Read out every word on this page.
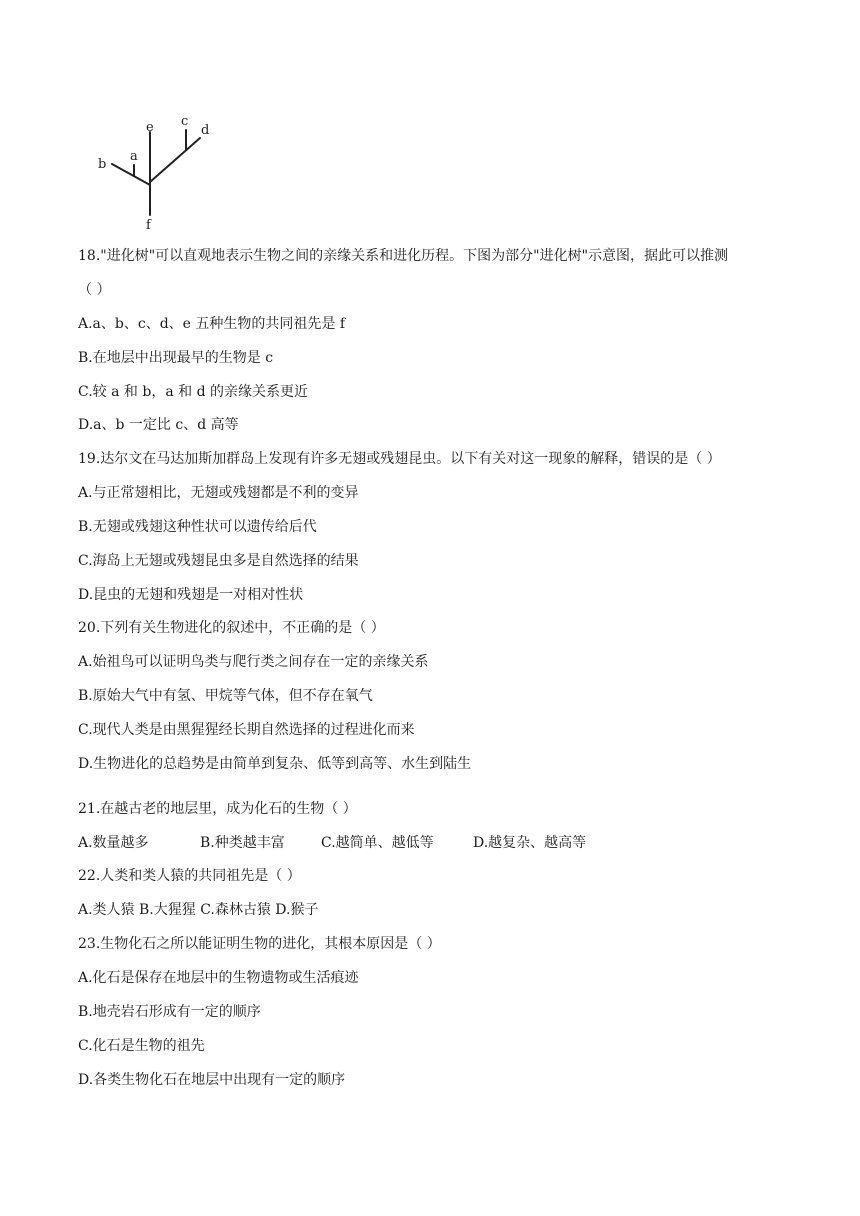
e c
d
a
b
f
18."进化树"可以直观地表示生物之间的亲缘关系和进化历程。下图为部分"进化树"示意图，据此可以推测
（ ）
A.a、b、c、d、e 五种生物的共同祖先是 f
B.在地层中出现最早的生物是 c
C.较 a 和 b，a 和 d 的亲缘关系更近
D.a、b 一定比 c、d 高等
19.达尔文在马达加斯加群岛上发现有许多无翅或残翅昆虫。以下有关对这一现象的解释，错误的是（ ）
A.与正常翅相比，无翅或残翅都是不利的变异
B.无翅或残翅这种性状可以遗传给后代
C.海岛上无翅或残翅昆虫多是自然选择的结果
D.昆虫的无翅和残翅是一对相对性状
20.下列有关生物进化的叙述中，不正确的是（ ）
A.始祖鸟可以证明鸟类与爬行类之间存在一定的亲缘关系
B.原始大气中有氢、甲烷等气体，但不存在氧气
C.现代人类是由黑猩猩经长期自然选择的过程进化而来
D.生物进化的总趋势是由简单到复杂、低等到高等、水生到陆生
21.在越古老的地层里，成为化石的生物（ ）
A.数量越多	B.种类越丰富	C.越简单、越低等	D.越复杂、越高等
22.人类和类人猿的共同祖先是（ ）
A.类人猿 B.大猩猩 C.森林古猿 D.猴子
23.生物化石之所以能证明生物的进化，其根本原因是（ ）
A.化石是保存在地层中的生物遗物或生活痕迹
B.地壳岩石形成有一定的顺序
C.化石是生物的祖先
D.各类生物化石在地层中出现有一定的顺序
